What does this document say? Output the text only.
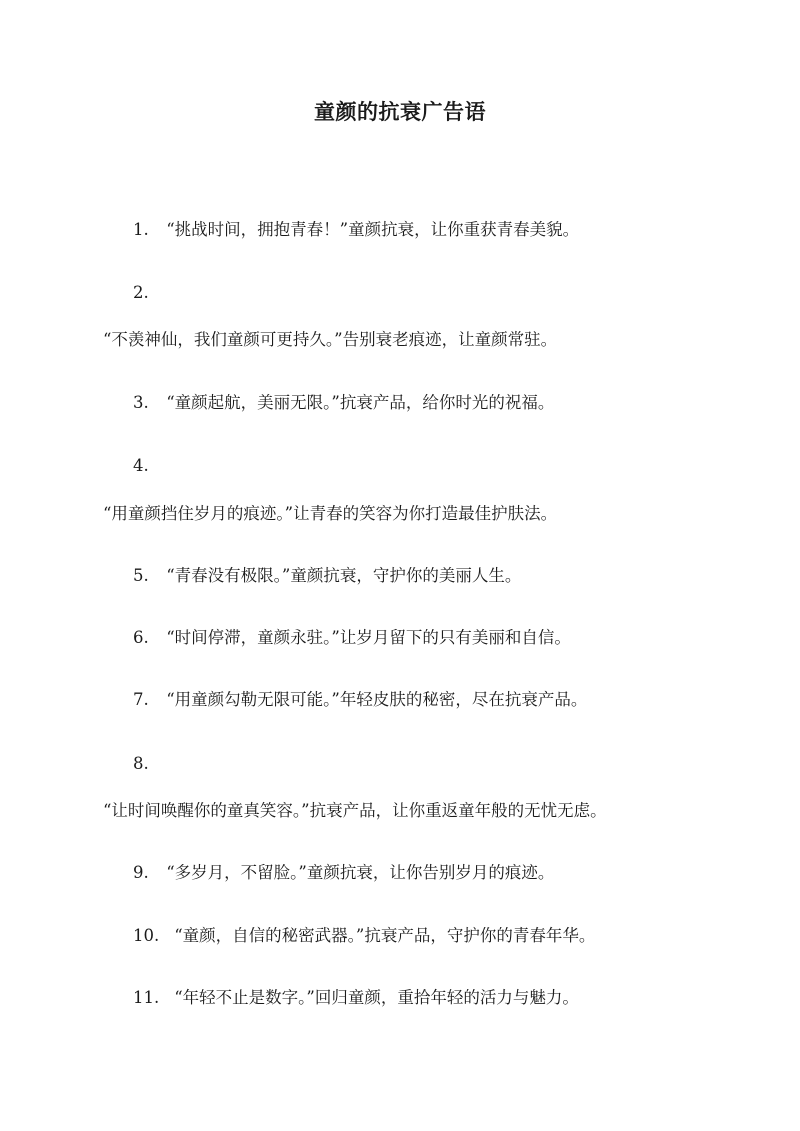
童颜的抗衰广告语
1. “挑战时间，拥抱青春！”童颜抗衰，让你重获青春美貌。
2.
“不羡神仙，我们童颜可更持久。”告别衰老痕迹，让童颜常驻。
3. “童颜起航，美丽无限。”抗衰产品，给你时光的祝福。
4.
“用童颜挡住岁月的痕迹。”让青春的笑容为你打造最佳护肤法。
5. “青春没有极限。”童颜抗衰，守护你的美丽人生。
6. “时间停滞，童颜永驻。”让岁月留下的只有美丽和自信。
7. “用童颜勾勒无限可能。”年轻皮肤的秘密，尽在抗衰产品。
8.
“让时间唤醒你的童真笑容。”抗衰产品，让你重返童年般的无忧无虑。
9. “多岁月，不留脸。”童颜抗衰，让你告别岁月的痕迹。
10. “童颜，自信的秘密武器。”抗衰产品，守护你的青春年华。
11. “年轻不止是数字。”回归童颜，重拾年轻的活力与魅力。
